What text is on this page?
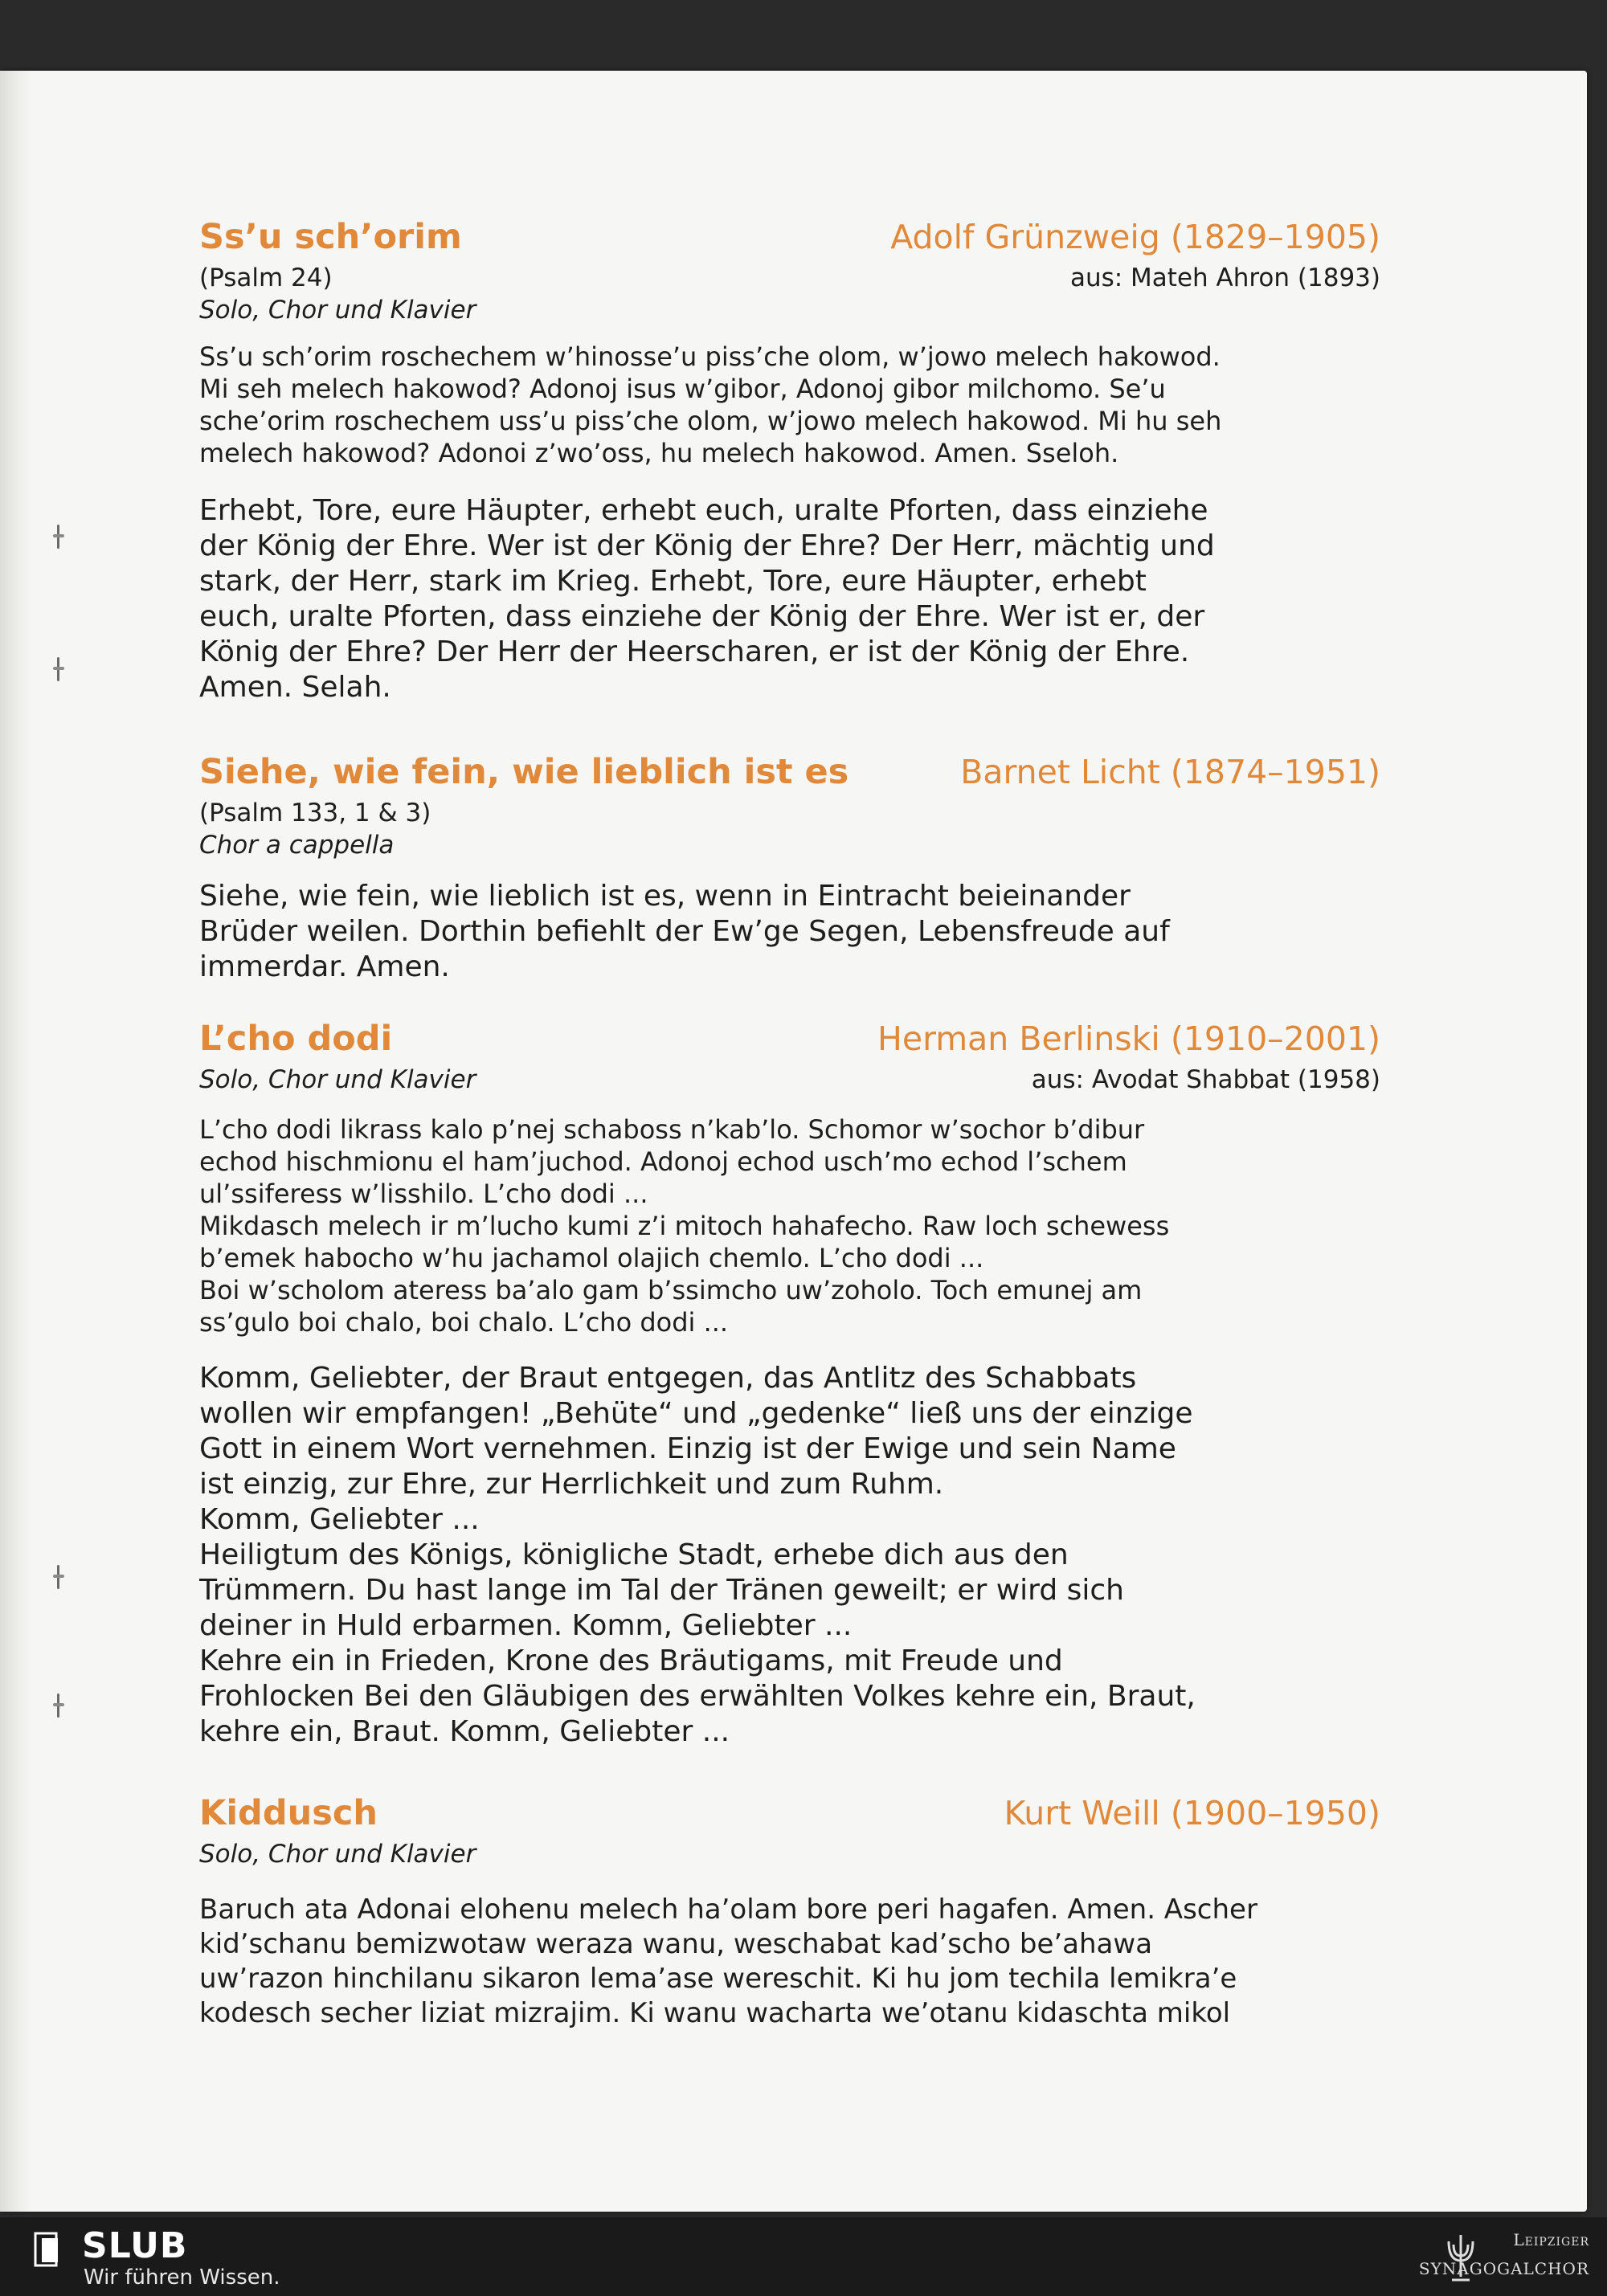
Ss’u sch’orim	Adolf Grünzweig (1829–1905)
(Psalm 24)	aus: Mateh Ahron (1893)
Solo, Chor und Klavier
Ss’u sch’orim roschechem w’hinosse’u piss’che olom, w’jowo melech hakowod.
Mi seh melech hakowod? Adonoj isus w’gibor, Adonoj gibor milchomo. Se’u
sche’orim roschechem uss’u piss’che olom, w’jowo melech hakowod. Mi hu seh
melech hakowod? Adonoi z’wo’oss, hu melech hakowod. Amen. Sseloh.
Erhebt, Tore, eure Häupter, erhebt euch, uralte Pforten, dass einziehe
der König der Ehre. Wer ist der König der Ehre? Der Herr, mächtig und
stark, der Herr, stark im Krieg. Erhebt, Tore, eure Häupter, erhebt
euch, uralte Pforten, dass einziehe der König der Ehre. Wer ist er, der
König der Ehre? Der Herr der Heerscharen, er ist der König der Ehre.
Amen. Selah.
Siehe, wie fein, wie lieblich ist es	Barnet Licht (1874–1951)
(Psalm 133, 1 & 3)
Chor a cappella
Siehe, wie fein, wie lieblich ist es, wenn in Eintracht beieinander
Brüder weilen. Dorthin befiehlt der Ew’ge Segen, Lebensfreude auf
immerdar. Amen.
L’cho dodi	Herman Berlinski (1910–2001)
Solo, Chor und Klavier	aus: Avodat Shabbat (1958)
L’cho dodi likrass kalo p’nej schaboss n’kab’lo. Schomor w’sochor b’dibur
echod hischmionu el ham’juchod. Adonoj echod usch’mo echod l’schem
ul’ssiferess w’lisshilo. L’cho dodi ...
Mikdasch melech ir m’lucho kumi z’i mitoch hahafecho. Raw loch schewess
b’emek habocho w’hu jachamol olajich chemlo. L’cho dodi ...
Boi w’scholom ateress ba’alo gam b’ssimcho uw’zoholo. Toch emunej am
ss’gulo boi chalo, boi chalo. L’cho dodi ...
Komm, Geliebter, der Braut entgegen, das Antlitz des Schabbats
wollen wir empfangen! „Behüte“ und „gedenke“ ließ uns der einzige
Gott in einem Wort vernehmen. Einzig ist der Ewige und sein Name
ist einzig, zur Ehre, zur Herrlichkeit und zum Ruhm.
Komm, Geliebter ...
Heiligtum des Königs, königliche Stadt, erhebe dich aus den
Trümmern. Du hast lange im Tal der Tränen geweilt; er wird sich
deiner in Huld erbarmen. Komm, Geliebter ...
Kehre ein in Frieden, Krone des Bräutigams, mit Freude und
Frohlocken Bei den Gläubigen des erwählten Volkes kehre ein, Braut,
kehre ein, Braut. Komm, Geliebter ...
Kiddusch	Kurt Weill (1900–1950)
Solo, Chor und Klavier
Baruch ata Adonai elohenu melech ha’olam bore peri hagafen. Amen. Ascher
kid’schanu bemizwotaw weraza wanu, weschabat kad’scho be’ahawa
uw’razon hinchilanu sikaron lema’ase wereschit. Ki hu jom techila lemikra’e
kodesch secher liziat mizrajim. Ki wanu wacharta we’otanu kidaschta mikol
SLUB
Wir führen Wissen.
Leipziger
SYNAGOGALCHOR
